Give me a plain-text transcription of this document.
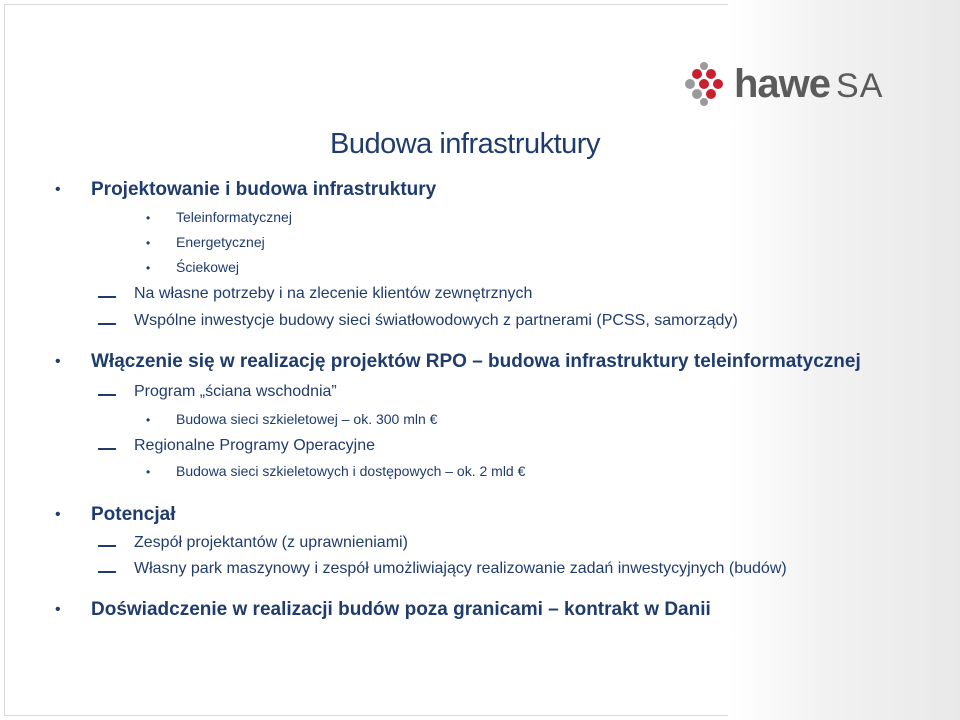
hawe SA
Budowa infrastruktury
• Projektowanie i budowa infrastruktury
• Teleinformatycznej
• Energetycznej
• Ściekowej
Na własne potrzeby i na zlecenie klientów zewnętrznych
Wspólne inwestycje budowy sieci światłowodowych z partnerami (PCSS, samorządy)
• Włączenie się w realizację projektów RPO – budowa infrastruktury teleinformatycznej
Program „ściana wschodnia”
• Budowa sieci szkieletowej – ok. 300 mln €
Regionalne Programy Operacyjne
• Budowa sieci szkieletowych i dostępowych – ok. 2 mld €
• Potencjał
Zespół projektantów (z uprawnieniami)
Własny park maszynowy i zespół umożliwiający realizowanie zadań inwestycyjnych (budów)
• Doświadczenie w realizacji budów poza granicami – kontrakt w Danii
